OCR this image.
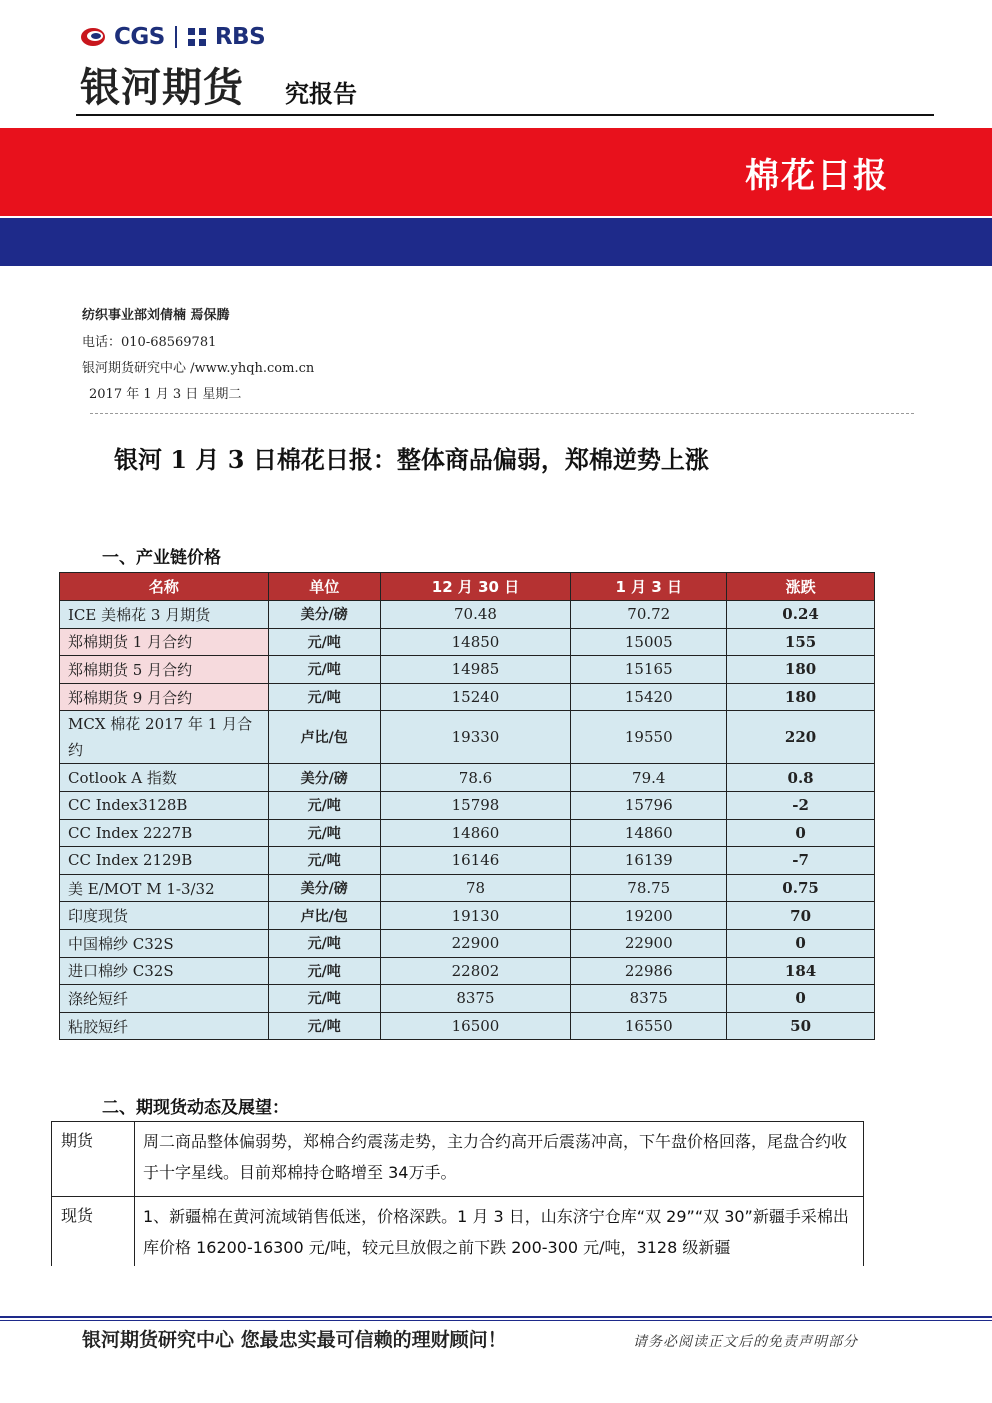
CGS RBS
银河期货 究报告
棉花日报
纺织事业部刘倩楠 焉保腾
电话：010-68569781
银河期货研究中心 /www.yhqh.com.cn
2017 年 1 月 3 日 星期二
银河 1 月 3 日棉花日报：整体商品偏弱，郑棉逆势上涨
一、产业链价格
名称	单位	12 月 30 日	1 月 3 日	涨跌
ICE 美棉花 3 月期货	美分/磅	70.48	70.72	0.24
郑棉期货 1 月合约	元/吨	14850	15005	155
郑棉期货 5 月合约	元/吨	14985	15165	180
郑棉期货 9 月合约	元/吨	15240	15420	180
MCX 棉花 2017 年 1 月合约	卢比/包	19330	19550	220
Cotlook A 指数	美分/磅	78.6	79.4	0.8
CC Index3128B	元/吨	15798	15796	-2
CC Index 2227B	元/吨	14860	14860	0
CC Index 2129B	元/吨	16146	16139	-7
美 E/MOT M 1-3/32	美分/磅	78	78.75	0.75
印度现货	卢比/包	19130	19200	70
中国棉纱 C32S	元/吨	22900	22900	0
进口棉纱 C32S	元/吨	22802	22986	184
涤纶短纤	元/吨	8375	8375	0
粘胶短纤	元/吨	16500	16550	50
二、期现货动态及展望：
期货	周二商品整体偏弱势，郑棉合约震荡走势，主力合约高开后震荡冲高，下午盘价格回落，尾盘合约收于十字星线。目前郑棉持仓略增至 34万手。
现货	1、新疆棉在黄河流域销售低迷，价格深跌。1 月 3 日，山东济宁仓库“双 29”“双 30”新疆手采棉出库价格 16200-16300 元/吨，较元旦放假之前下跌 200-300 元/吨，3128 级新疆
银河期货研究中心 您最忠实最可信赖的理财顾问！	请务必阅读正文后的免责声明部分
